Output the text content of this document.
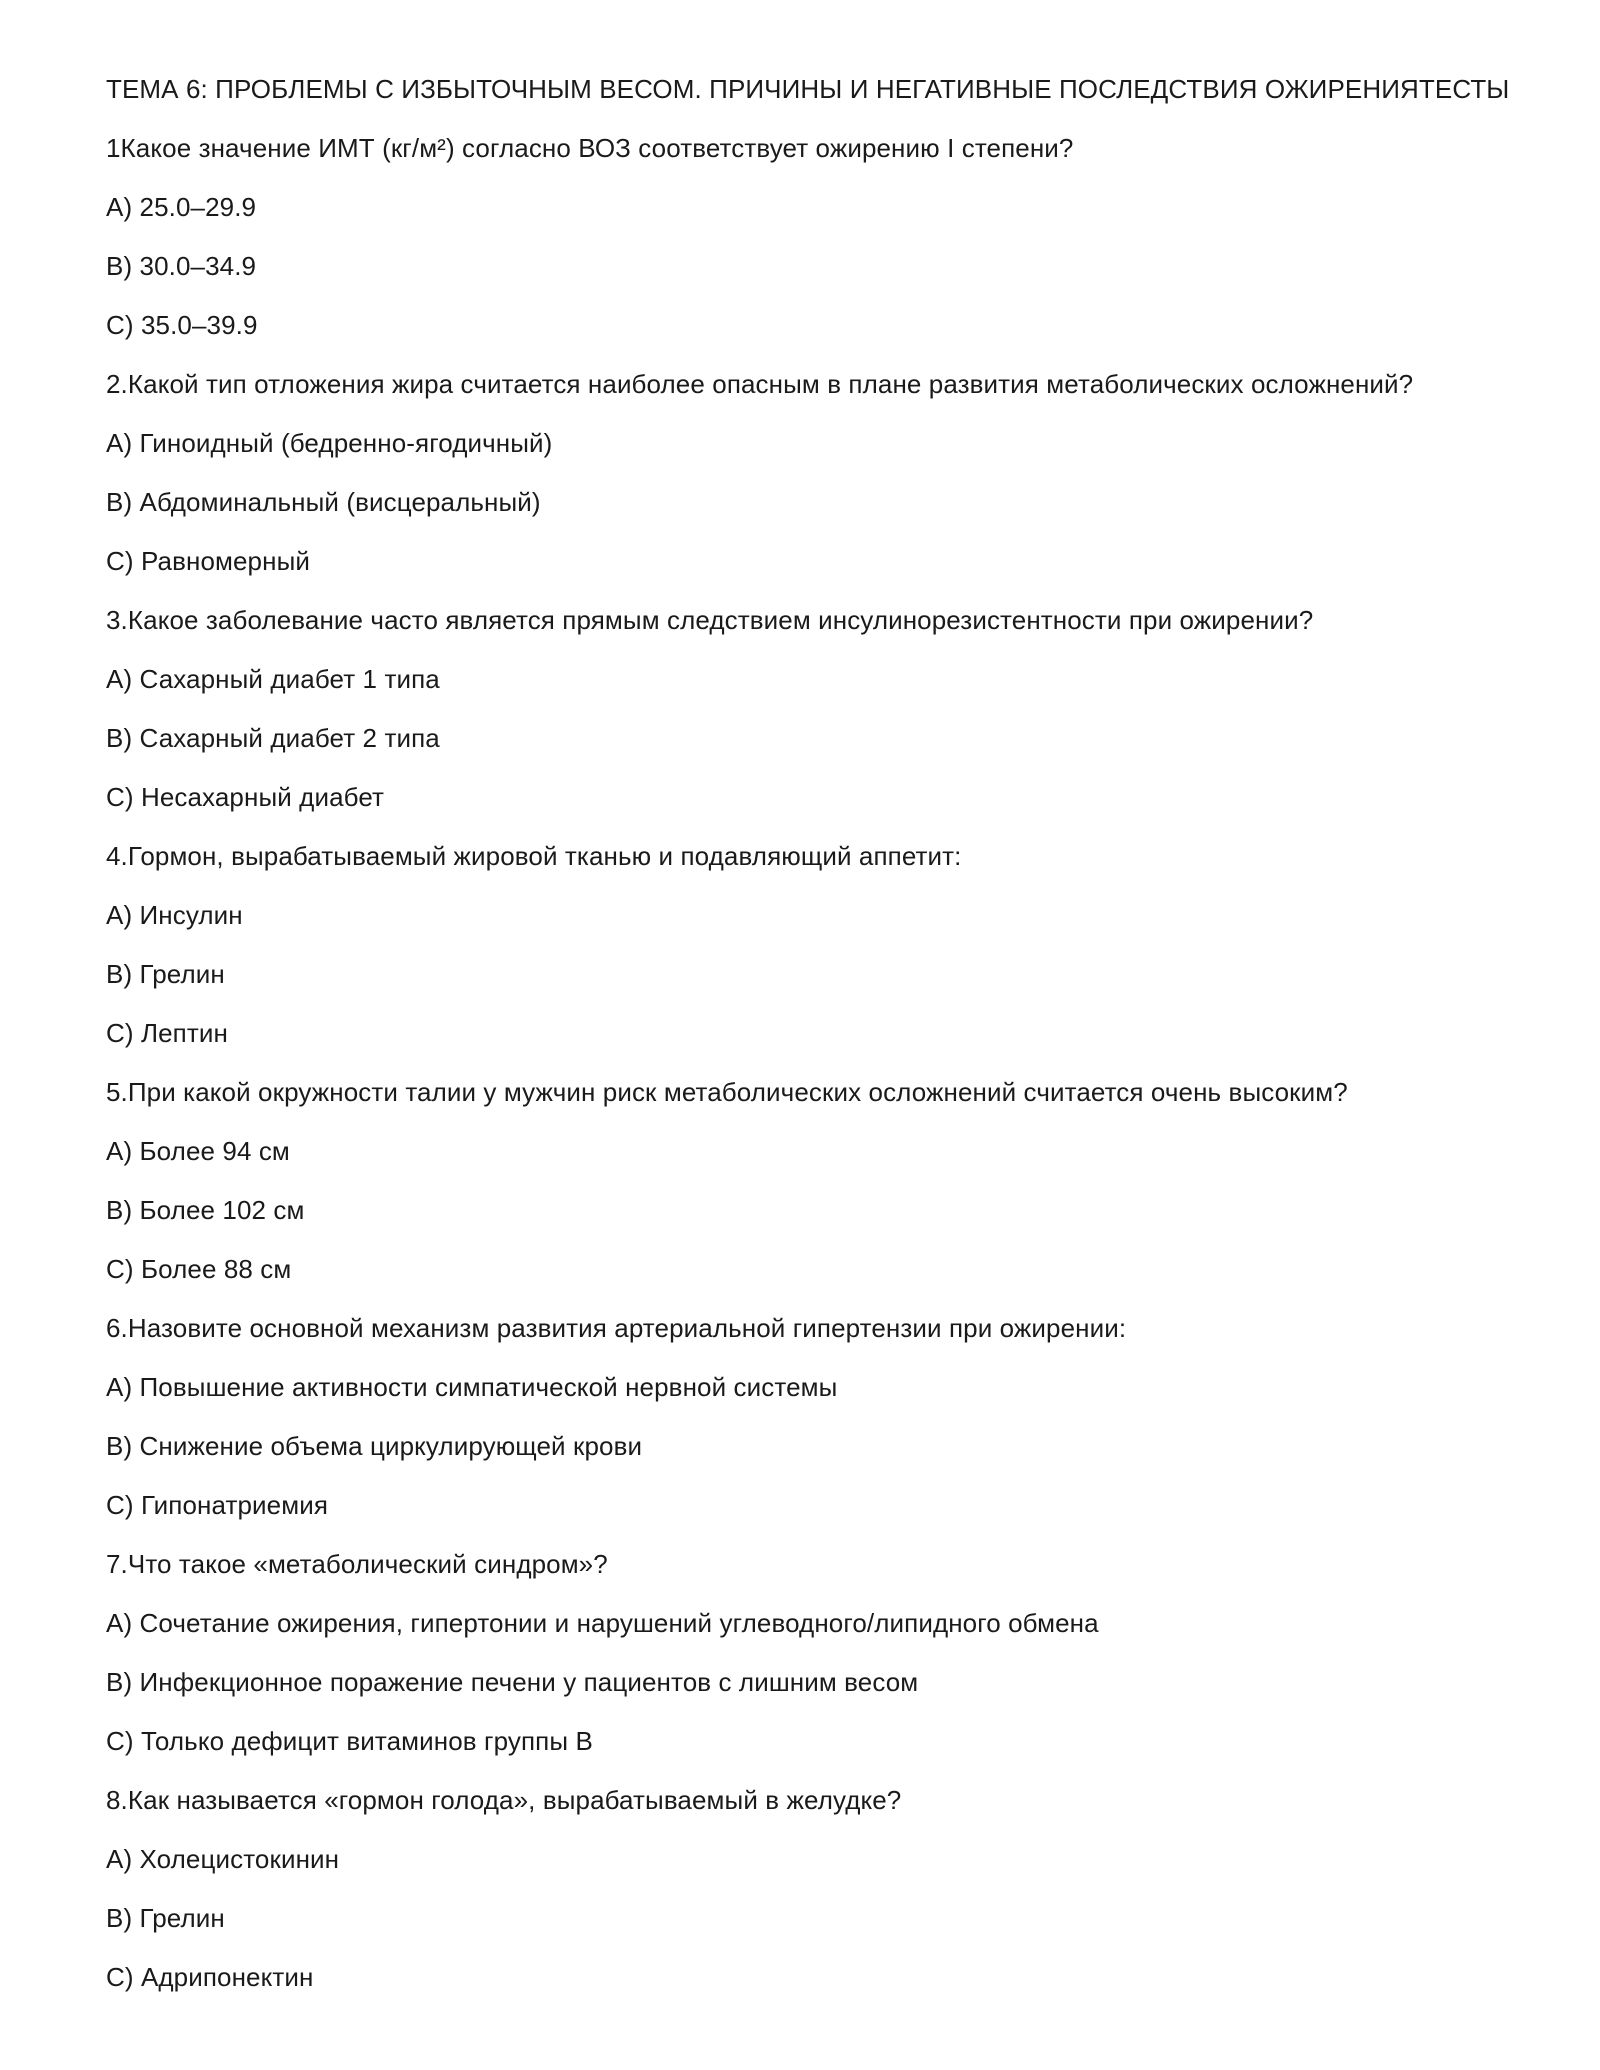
ТЕМА 6: ПРОБЛЕМЫ С ИЗБЫТОЧНЫМ ВЕСОМ. ПРИЧИНЫ И НЕГАТИВНЫЕ ПОСЛЕДСТВИЯ ОЖИРЕНИЯТЕСТЫ
1Какое значение ИМТ (кг/м²) согласно ВОЗ соответствует ожирению I степени?
A) 25.0–29.9
B) 30.0–34.9
C) 35.0–39.9
2.Какой тип отложения жира считается наиболее опасным в плане развития метаболических осложнений?
A) Гиноидный (бедренно-ягодичный)
B) Абдоминальный (висцеральный)
C) Равномерный
3.Какое заболевание часто является прямым следствием инсулинорезистентности при ожирении?
A) Сахарный диабет 1 типа
B) Сахарный диабет 2 типа
C) Несахарный диабет
4.Гормон, вырабатываемый жировой тканью и подавляющий аппетит:
A) Инсулин
B) Грелин
C) Лептин
5.При какой окружности талии у мужчин риск метаболических осложнений считается очень высоким?
A) Более 94 см
B) Более 102 см
C) Более 88 см
6.Назовите основной механизм развития артериальной гипертензии при ожирении:
A) Повышение активности симпатической нервной системы
B) Снижение объема циркулирующей крови
C) Гипонатриемия
7.Что такое «метаболический синдром»?
A) Сочетание ожирения, гипертонии и нарушений углеводного/липидного обмена
B) Инфекционное поражение печени у пациентов с лишним весом
C) Только дефицит витаминов группы B
8.Как называется «гормон голода», вырабатываемый в желудке?
A) Холецистокинин
B) Грелин
C) Адрипонектин
